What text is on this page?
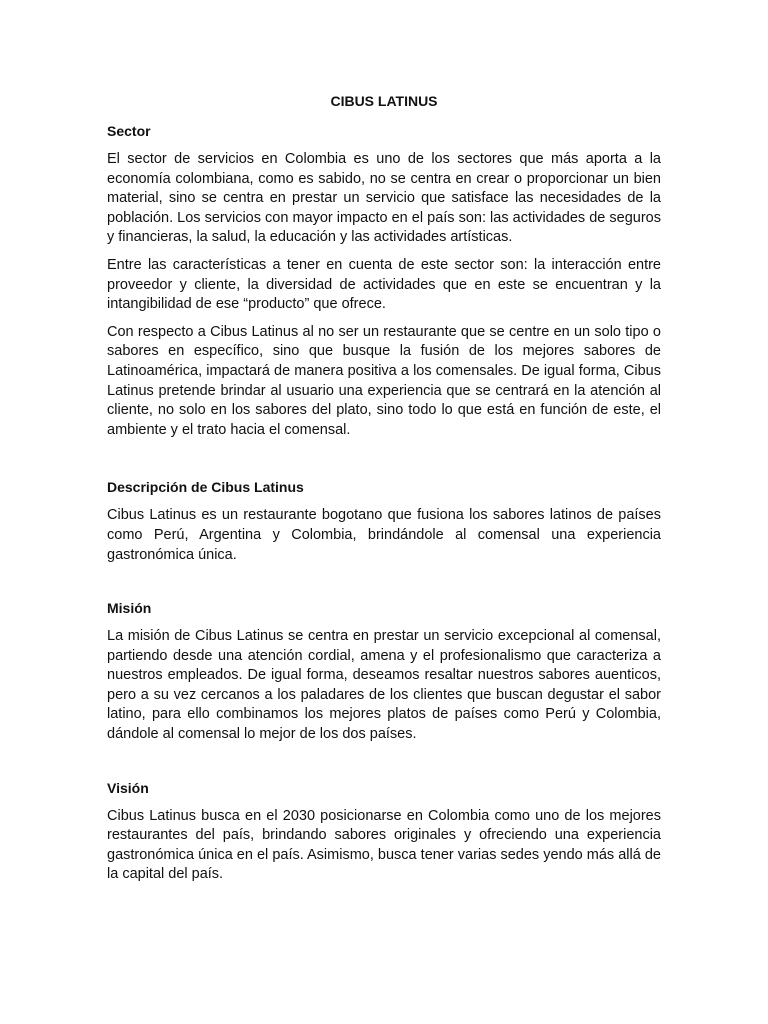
CIBUS LATINUS
Sector

El sector de servicios en Colombia es uno de los sectores que más aporta a la economía colombiana, como es sabido, no se centra en crear o proporcionar un bien material, sino se centra en prestar un servicio que satisface las necesidades de la población. Los servicios con mayor impacto en el país son: las actividades de seguros y financieras, la salud, la educación y las actividades artísticas.

Entre las características a tener en cuenta de este sector son: la interacción entre proveedor y cliente, la diversidad de actividades que en este se encuentran y la intangibilidad de ese “producto” que ofrece.

Con respecto a Cibus Latinus al no ser un restaurante que se centre en un solo tipo o sabores en específico, sino que busque la fusión de los mejores sabores de Latinoamérica, impactará de manera positiva a los comensales. De igual forma, Cibus Latinus pretende brindar al usuario una experiencia que se centrará en la atención al cliente, no solo en los sabores del plato, sino todo lo que está en función de este, el ambiente y el trato hacia el comensal.

Descripción de Cibus Latinus

Cibus Latinus es un restaurante bogotano que fusiona los sabores latinos de países como Perú, Argentina y Colombia, brindándole al comensal una experiencia gastronómica única.

Misión

La misión de Cibus Latinus se centra en prestar un servicio excepcional al comensal, partiendo desde una atención cordial, amena y el profesionalismo que caracteriza a nuestros empleados. De igual forma, deseamos resaltar nuestros sabores auenticos, pero a su vez cercanos a los paladares de los clientes que buscan degustar el sabor latino, para ello combinamos los mejores platos de países como Perú y Colombia, dándole al comensal lo mejor de los dos países.

Visión

Cibus Latinus busca en el 2030 posicionarse en Colombia como uno de los mejores restaurantes del país, brindando sabores originales y ofreciendo una experiencia gastronómica única en el país. Asimismo, busca tener varias sedes yendo más allá de la capital del país.
